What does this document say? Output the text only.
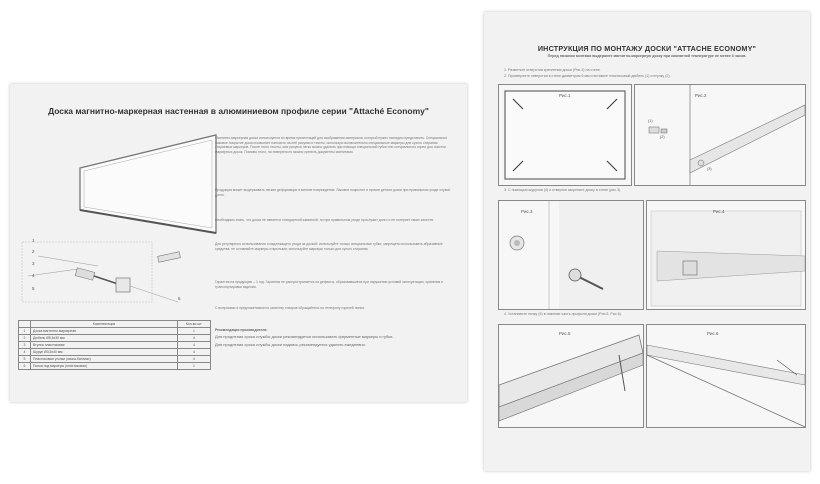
Доска магнитно-маркерная настенная в алюминиевом профиле серии "Attaché Economy"
1
2
3
4
5
6
	Комплектация	Кол-во шт.
1	Доска магнитно-маркерная	1
2	Дюбель Ø5,5x30 мм	4
3	Втулка пластиковая	4
4	Шуруп Ø3,5x40 мм	4
5	Пластиковые уголки (пачка-бантики)	4
6	Полка под маркеры (пластиковая)	1
Магнитно-маркерная доска используется во время презентаций для изображения материала, который нужно наглядно представить. Специальное лаковое покрытие доски позволяет наносить на неё рисунки и тексты, используя исключительно специальные маркеры для сухого стирания стираемых маркеров. После этого тексты, или рисунки легко можно удалить при помощи специальной губки или специального спрея для очистки маркерных досок. Помимо этого, на поверхность можно крепить документы магнитами.
Продукция может выдерживать легкие деформации и мелкие повреждения. Лаковое покрытие и прочие детали доски при правильном уходе служат долго.
Необходимо знать, что доска не является стандартной каминной, но при правильном уходе прослужит долго и не потеряет своих качеств.
Для регулярного использования и надлежащего ухода за доской: используйте только специальные губки; запрещено использовать абразивные средства; не оставляйте маркеры открытыми; используйте маркеры только для сухого стирания.
Гарантия на продукцию – 1 год. Гарантия не распространяется на дефекты, образовавшиеся при нарушении условий эксплуатации, хранения и транспортировки изделия.
С вопросами и предложениями по качеству товаров обращайтесь по телефону горячей линии.
Рекомендации производителя:
Для продления срока службы доски рекомендуется использовать фирменные маркеры и губки.
Для продления срока службы доски надпись рекомендуется удалять ежедневно.
ИНСТРУКЦИЯ ПО МОНТАЖУ ДОСКИ "ATTACHE ECONOMY"
Перед началом монтажа выдержите магнитно-маркерную доску при комнатной температуре не менее 6 часов.
1. Разметьте отверстия крепления доски (Рис.1) на стене.
2. Просверлите отверстия в стене диаметром 6 мм и вставьте пластиковый дюбель (1) и втулку (2).
Рис.1	Рис.2
(1)
(2)
(3)
3. С помощью шурупов (4) и отвертки закрепите доску в стене (рис.3).
Рис.3	Рис.4
4. Установите полку (6) в нижнюю часть профиля доски (Рис.5, Рис.6).
Рис.5	Рис.6
